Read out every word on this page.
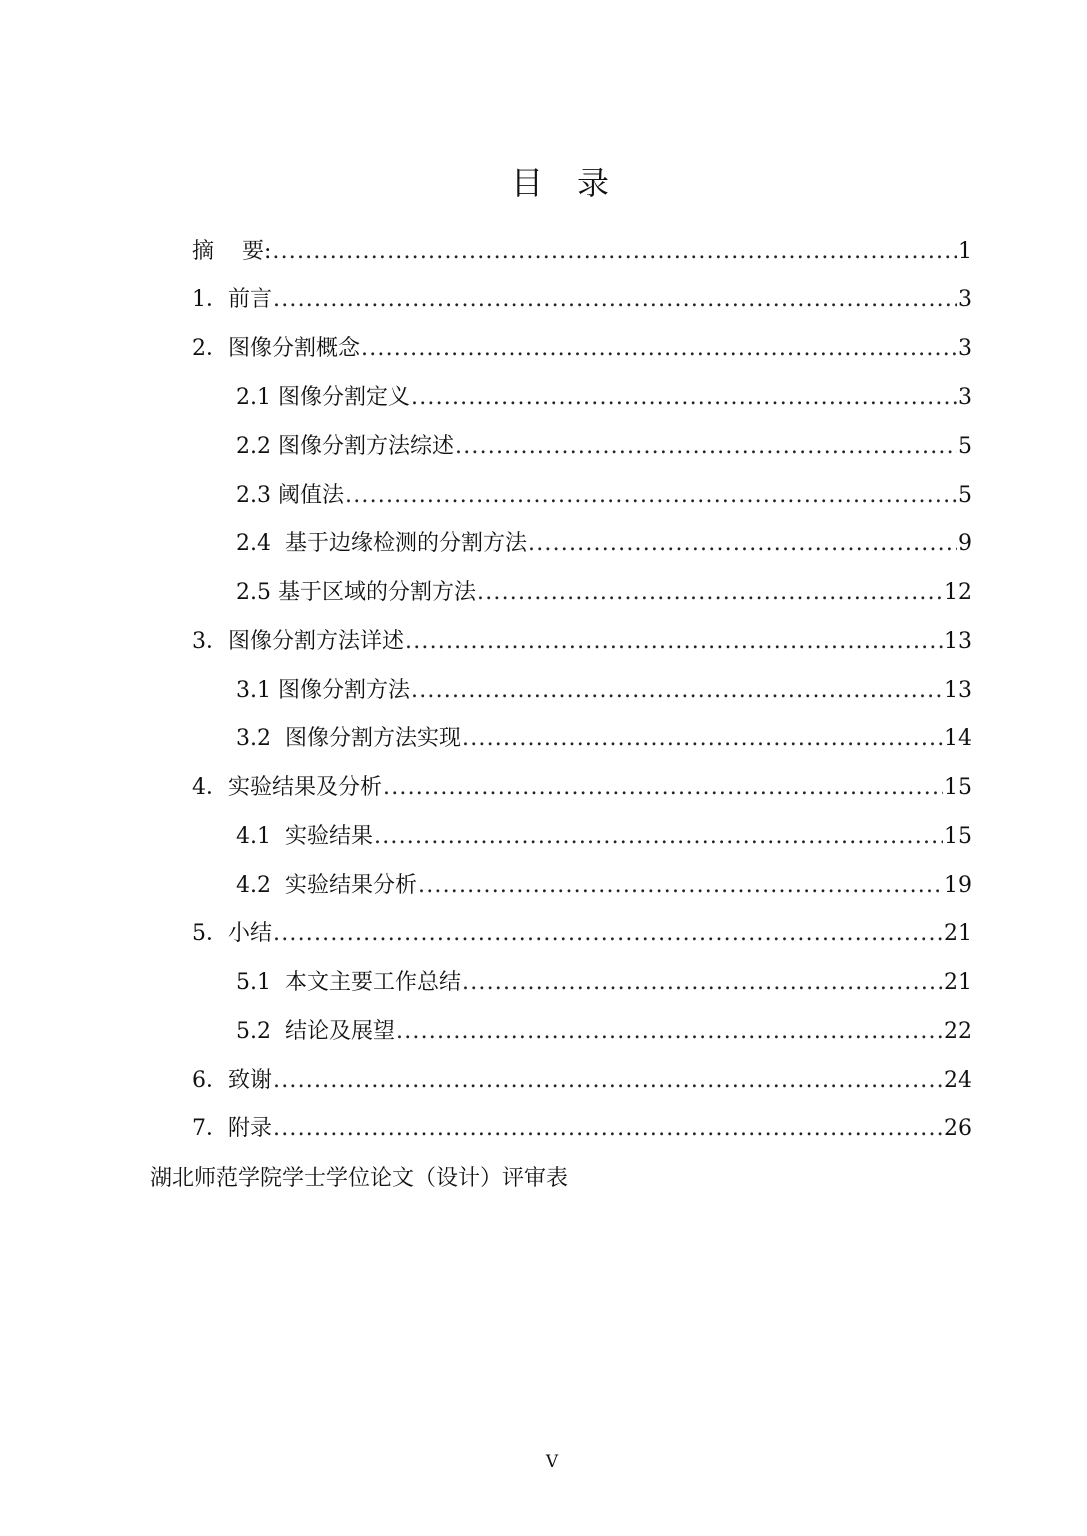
目 录
摘    要: .....	1
1． 前言 .....	3
2． 图像分割概念 .....	3
2.1 图像分割定义 .....	3
2.2 图像分割方法综述 .....	5
2.3 阈值法 .....	5
2.4 基于边缘检测的分割方法 .....	9
2.5 基于区域的分割方法 .....	12
3． 图像分割方法详述 .....	13
3.1 图像分割方法 .....	13
3.2 图像分割方法实现 .....	14
4． 实验结果及分析 .....	15
4.1 实验结果 .....	15
4.2 实验结果分析 .....	19
5． 小结 .....	21
5.1 本文主要工作总结 .....	21
5.2 结论及展望 .....	22
6． 致谢 .....	24
7． 附录 .....	26
湖北师范学院学士学位论文（设计）评审表
V
